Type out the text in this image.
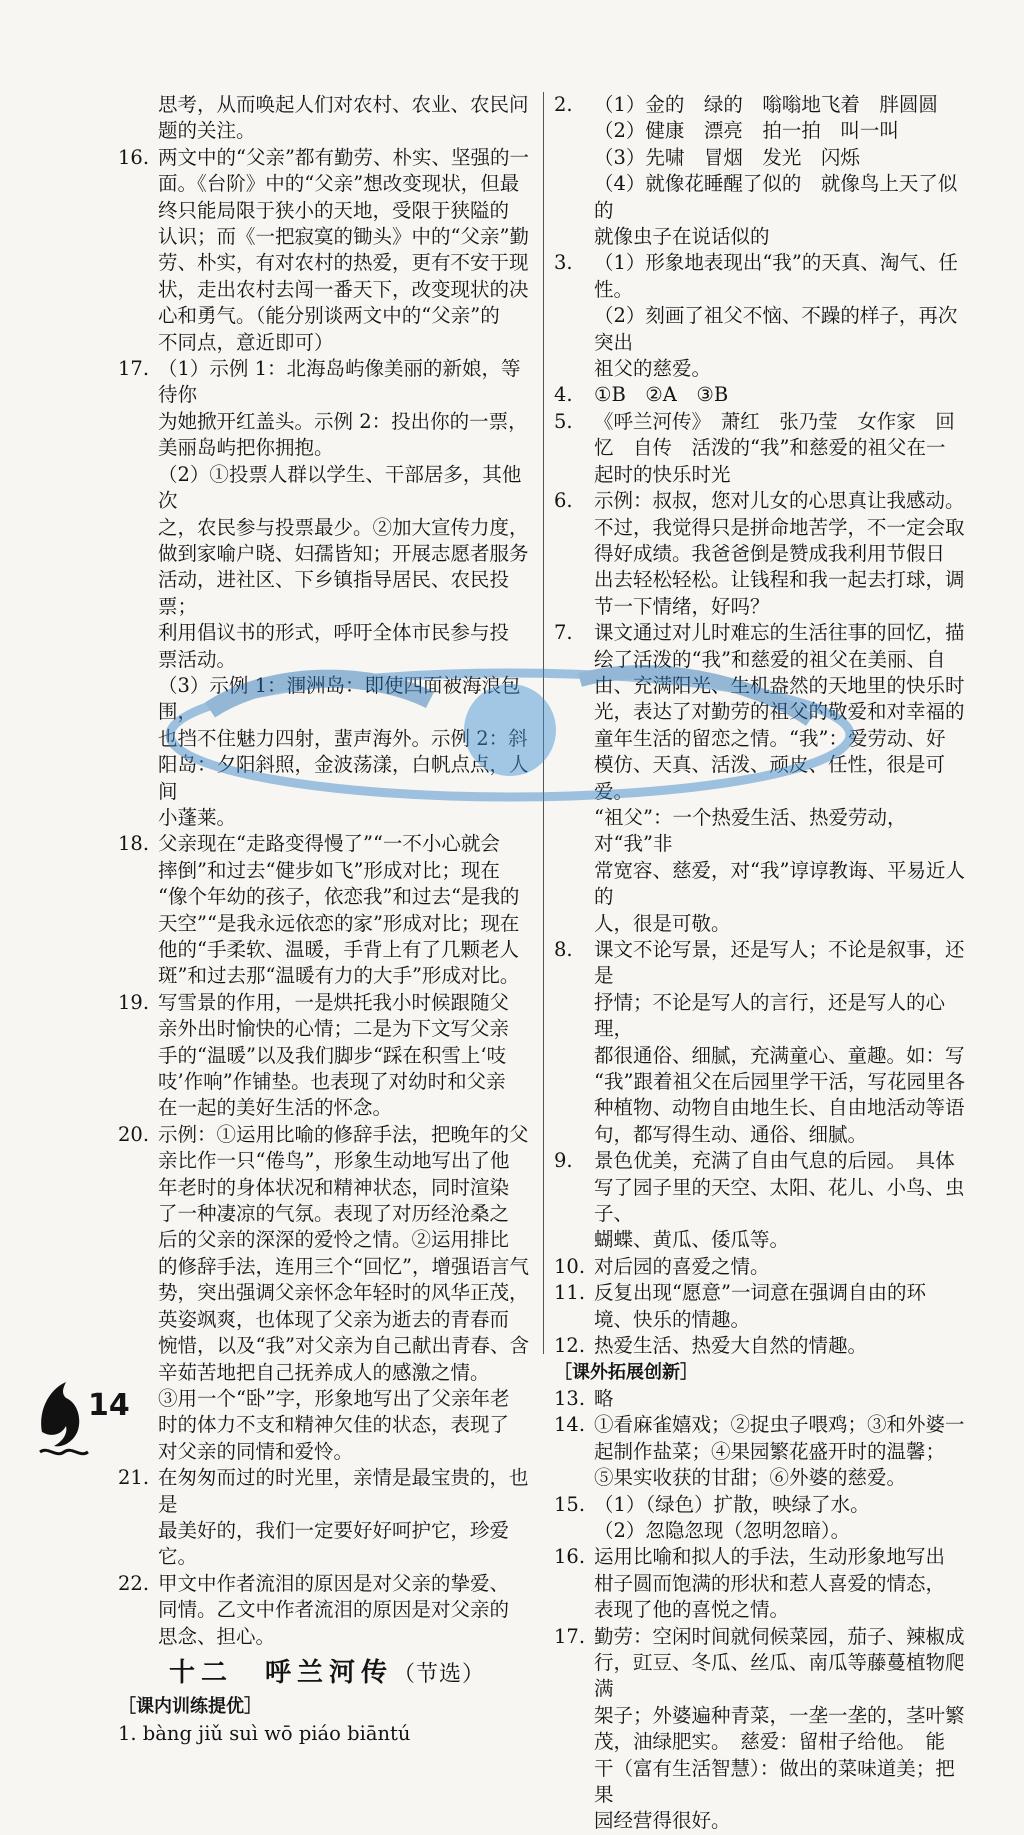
思考，从而唤起人们对农村、农业、农民问
题的关注。
16. 两文中的“父亲”都有勤劳、朴实、坚强的一
面。《台阶》中的“父亲”想改变现状，但最
终只能局限于狭小的天地，受限于狭隘的
认识；而《一把寂寞的锄头》中的“父亲”勤
劳、朴实，有对农村的热爱，更有不安于现
状，走出农村去闯一番天下，改变现状的决
心和勇气。（能分别谈两文中的“父亲”的
不同点，意近即可）
17. （1）示例 1：北海岛屿像美丽的新娘，等待你
为她掀开红盖头。示例 2：投出你的一票，
美丽岛屿把你拥抱。
（2）①投票人群以学生、干部居多，其他次
之，农民参与投票最少。②加大宣传力度，
做到家喻户晓、妇孺皆知；开展志愿者服务
活动，进社区、下乡镇指导居民、农民投票；
利用倡议书的形式，呼吁全体市民参与投
票活动。
（3）示例 1：涠洲岛：即使四面被海浪包围，
也挡不住魅力四射，蜚声海外。示例 2：斜
阳岛：夕阳斜照，金波荡漾，白帆点点，人间
小蓬莱。
18. 父亲现在“走路变得慢了”“一不小心就会
摔倒”和过去“健步如飞”形成对比；现在
“像个年幼的孩子，依恋我”和过去“是我的
天空”“是我永远依恋的家”形成对比；现在
他的“手柔软、温暖，手背上有了几颗老人
斑”和过去那“温暖有力的大手”形成对比。
19. 写雪景的作用，一是烘托我小时候跟随父
亲外出时愉快的心情；二是为下文写父亲
手的“温暖”以及我们脚步“踩在积雪上‘吱
吱’作响”作铺垫。也表现了对幼时和父亲
在一起的美好生活的怀念。
20. 示例：①运用比喻的修辞手法，把晚年的父
亲比作一只“倦鸟”，形象生动地写出了他
年老时的身体状况和精神状态，同时渲染
了一种凄凉的气氛。表现了对历经沧桑之
后的父亲的深深的爱怜之情。②运用排比
的修辞手法，连用三个“回忆”，增强语言气
势，突出强调父亲怀念年轻时的风华正茂，
英姿飒爽，也体现了父亲为逝去的青春而
惋惜，以及“我”对父亲为自己献出青春、含
辛茹苦地把自己抚养成人的感激之情。
③用一个“卧”字，形象地写出了父亲年老
时的体力不支和精神欠佳的状态，表现了
对父亲的同情和爱怜。
21. 在匆匆而过的时光里，亲情是最宝贵的，也是
最美好的，我们一定要好好呵护它，珍爱它。
22. 甲文中作者流泪的原因是对父亲的挚爱、
同情。乙文中作者流泪的原因是对父亲的
思念、担心。
十二　呼兰河传（节选）
［课内训练提优］
1. bàng jiǔ suì wō piáo biāntú
2.	（1）金的　绿的　嗡嗡地飞着　胖圆圆
（2）健康　漂亮　拍一拍　叫一叫
（3）先啸　冒烟　发光　闪烁
（4）就像花睡醒了似的　就像鸟上天了似的
就像虫子在说话似的
3.	（1）形象地表现出“我”的天真、淘气、任性。
（2）刻画了祖父不恼、不躁的样子，再次突出
祖父的慈爱。
4.	①B　②A　③B
5.	《呼兰河传》　萧红　张乃莹　女作家　回
忆　自传　活泼的“我”和慈爱的祖父在一
起时的快乐时光
6.	示例：叔叔，您对儿女的心思真让我感动。
不过，我觉得只是拼命地苦学，不一定会取
得好成绩。我爸爸倒是赞成我利用节假日
出去轻松轻松。让钱程和我一起去打球，调
节一下情绪，好吗？
7.	课文通过对儿时难忘的生活往事的回忆，描
绘了活泼的“我”和慈爱的祖父在美丽、自
由、充满阳光、生机盎然的天地里的快乐时
光，表达了对勤劳的祖父的敬爱和对幸福的
童年生活的留恋之情。“我”：爱劳动、好
模仿、天真、活泼、顽皮、任性，很是可爱。
“祖父”：一个热爱生活、热爱劳动，对“我”非
常宽容、慈爱，对“我”谆谆教诲、平易近人的
人，很是可敬。
8.	课文不论写景，还是写人；不论是叙事，还是
抒情；不论是写人的言行，还是写人的心理，
都很通俗、细腻，充满童心、童趣。如：写
“我”跟着祖父在后园里学干活，写花园里各
种植物、动物自由地生长、自由地活动等语
句，都写得生动、通俗、细腻。
9.	景色优美，充满了自由气息的后园。　具体
写了园子里的天空、太阳、花儿、小鸟、虫子、
蝴蝶、黄瓜、倭瓜等。
10. 对后园的喜爱之情。
11. 反复出现“愿意”一词意在强调自由的环
境、快乐的情趣。
12. 热爱生活、热爱大自然的情趣。
［课外拓展创新］
13. 略
14. ①看麻雀嬉戏；②捉虫子喂鸡；③和外婆一
起制作盐菜；④果园繁花盛开时的温馨；
⑤果实收获的甘甜；⑥外婆的慈爱。
15. （1）（绿色）扩散，映绿了水。
（2）忽隐忽现（忽明忽暗）。
16. 运用比喻和拟人的手法，生动形象地写出
柑子圆而饱满的形状和惹人喜爱的情态，
表现了他的喜悦之情。
17. 勤劳：空闲时间就伺候菜园，茄子、辣椒成
行，豇豆、冬瓜、丝瓜、南瓜等藤蔓植物爬满
架子；外婆遍种青菜，一垄一垄的，茎叶繁
茂，油绿肥实。　慈爱：留柑子给他。　能
干（富有生活智慧）：做出的菜味道美；把果
园经营得很好。
14
